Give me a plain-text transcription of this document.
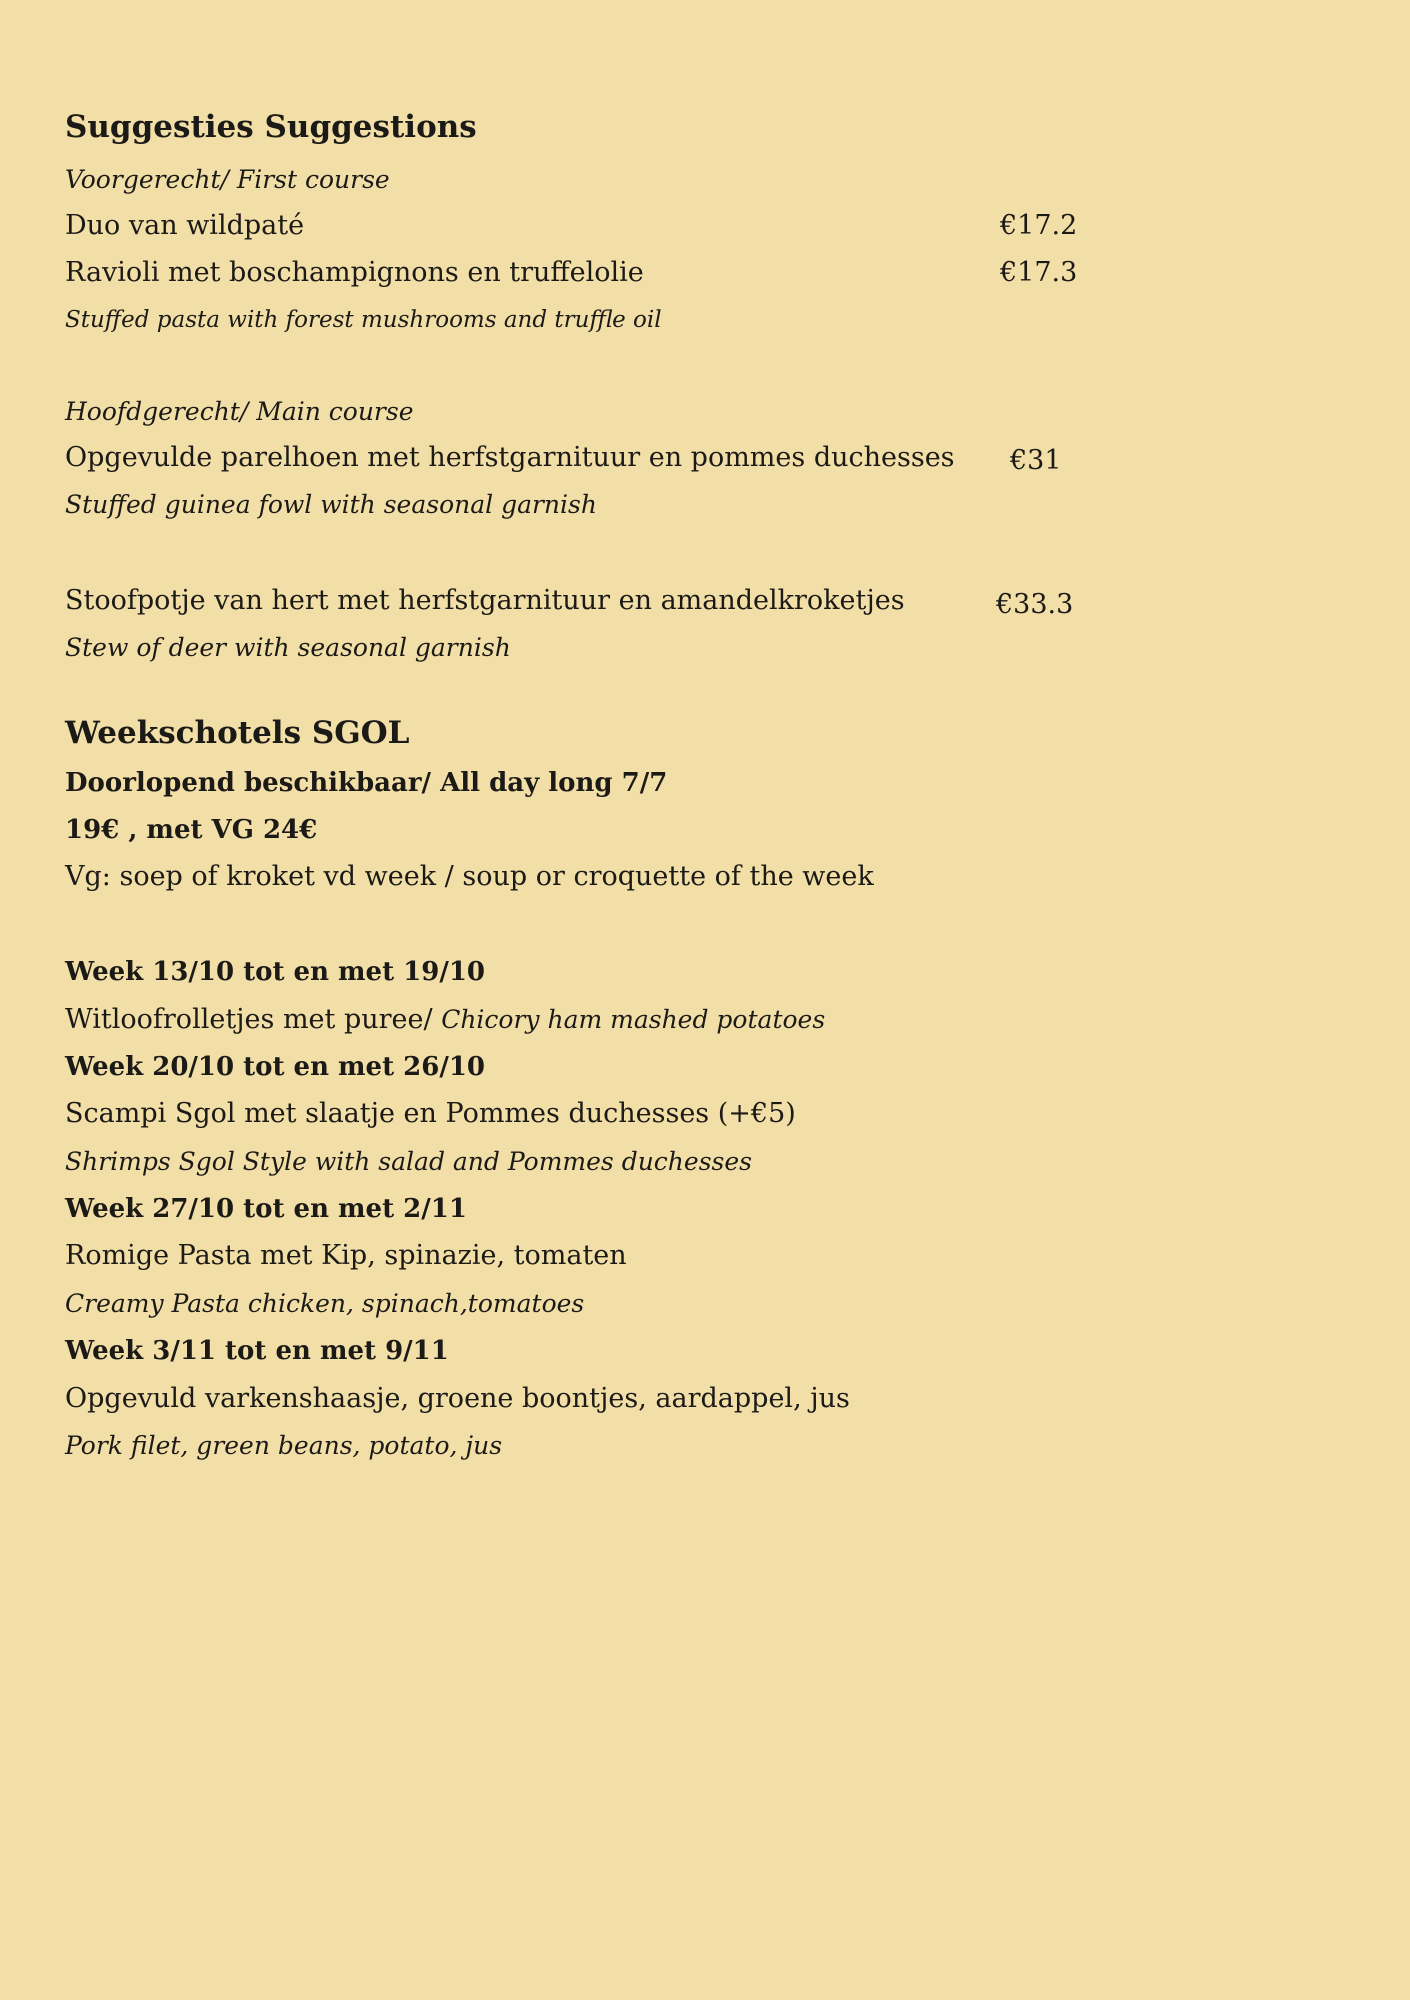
Suggesties Suggestions
Voorgerecht/ First course
Duo van wildpaté	€17.2
Ravioli met boschampignons en truffelolie	€17.3
Stuffed pasta with forest mushrooms and truffle oil
Hoofdgerecht/ Main course
Opgevulde parelhoen met herfstgarnituur en pommes duchesses €31
Stuffed guinea fowl with seasonal garnish
Stoofpotje van hert met herfstgarnituur en amandelkroketjes	€33.3
Stew of deer with seasonal garnish
Weekschotels SGOL
Doorlopend beschikbaar/ All day long 7/7
19€ , met VG 24€
Vg: soep of kroket vd week / soup or croquette of the week
Week 13/10 tot en met 19/10
Witloofrolletjes met puree/ Chicory ham mashed potatoes
Week 20/10 tot en met 26/10
Scampi Sgol met slaatje en Pommes duchesses (+€5)
Shrimps Sgol Style with salad and Pommes duchesses
Week 27/10 tot en met 2/11
Romige Pasta met Kip, spinazie, tomaten
Creamy Pasta chicken, spinach,tomatoes
Week 3/11 tot en met 9/11
Opgevuld varkenshaasje, groene boontjes, aardappel, jus
Pork filet, green beans, potato, jus
